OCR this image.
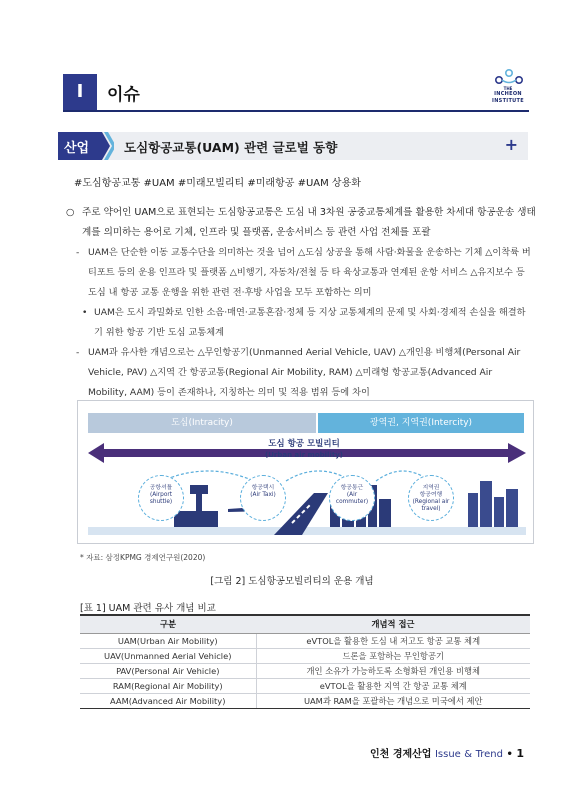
I	이슈	THE
INCHEON
INSTITUTE
산업	도심항공교통(UAM) 관련 글로벌 동향	+
#도심항공교통 #UAM #미래모빌리티 #미래항공 #UAM 상용화
○ 주로 약어인 UAM으로 표현되는 도심항공교통은 도심 내 3차원 공중교통체계를 활용한 차세대 항공운송 생태계를 의미하는 용어로 기체, 인프라 및 플랫폼, 운송서비스 등 관련 사업 전체를 포괄
- UAM은 단순한 이동 교통수단을 의미하는 것을 넘어 △도심 상공을 통해 사람·화물을 운송하는 기체 △이착륙 버티포트 등의 운용 인프라 및 플랫폼 △비행기, 자동차/전철 등 타 육상교통과 연계된 운항 서비스 △유지보수 등 도심 내 항공 교통 운행을 위한 관련 전·후방 사업을 모두 포함하는 의미
• UAM은 도시 과밀화로 인한 소음·매연·교통혼잡·정체 등 지상 교통체계의 문제 및 사회·경제적 손실을 해결하기 위한 항공 기반 도심 교통체계
- UAM과 유사한 개념으로는 △무인항공기(Unmanned Aerial Vehicle, UAV) △개인용 비행체(Personal Air Vehicle, PAV) △지역 간 항공교통(Regional Air Mobility, RAM) △미래형 항공교통(Advanced Air Mobility, AAM) 등이 존재하나, 지칭하는 의미 및 적용 범위 등에 차이
도심(Intracity)	광역권, 지역권(Intercity)
도심 항공 모빌리티
(Urban air mobility)
공항셔틀
(Airport
shuttle)
항공택시
(Air Taxi)
항공통근
(Air
commuter)
지역권
항공여행
(Regional air travel)
* 자료: 삼정KPMG 경제연구원(2020)
[그림 2] 도심항공모빌리티의 운용 개념
[표 1] UAM 관련 유사 개념 비교
구분	개념적 접근
UAM(Urban Air Mobility)	eVTOL을 활용한 도심 내 저고도 항공 교통 체계
UAV(Unmanned Aerial Vehicle)	드론을 포함하는 무인항공기
PAV(Personal Air Vehicle)	개인 소유가 가능하도록 소형화된 개인용 비행체
RAM(Regional Air Mobility)	eVTOL을 활용한 지역 간 항공 교통 체계
AAM(Advanced Air Mobility)	UAM과 RAM을 포괄하는 개념으로 미국에서 제안
인천 경제산업 Issue & Trend • 1
